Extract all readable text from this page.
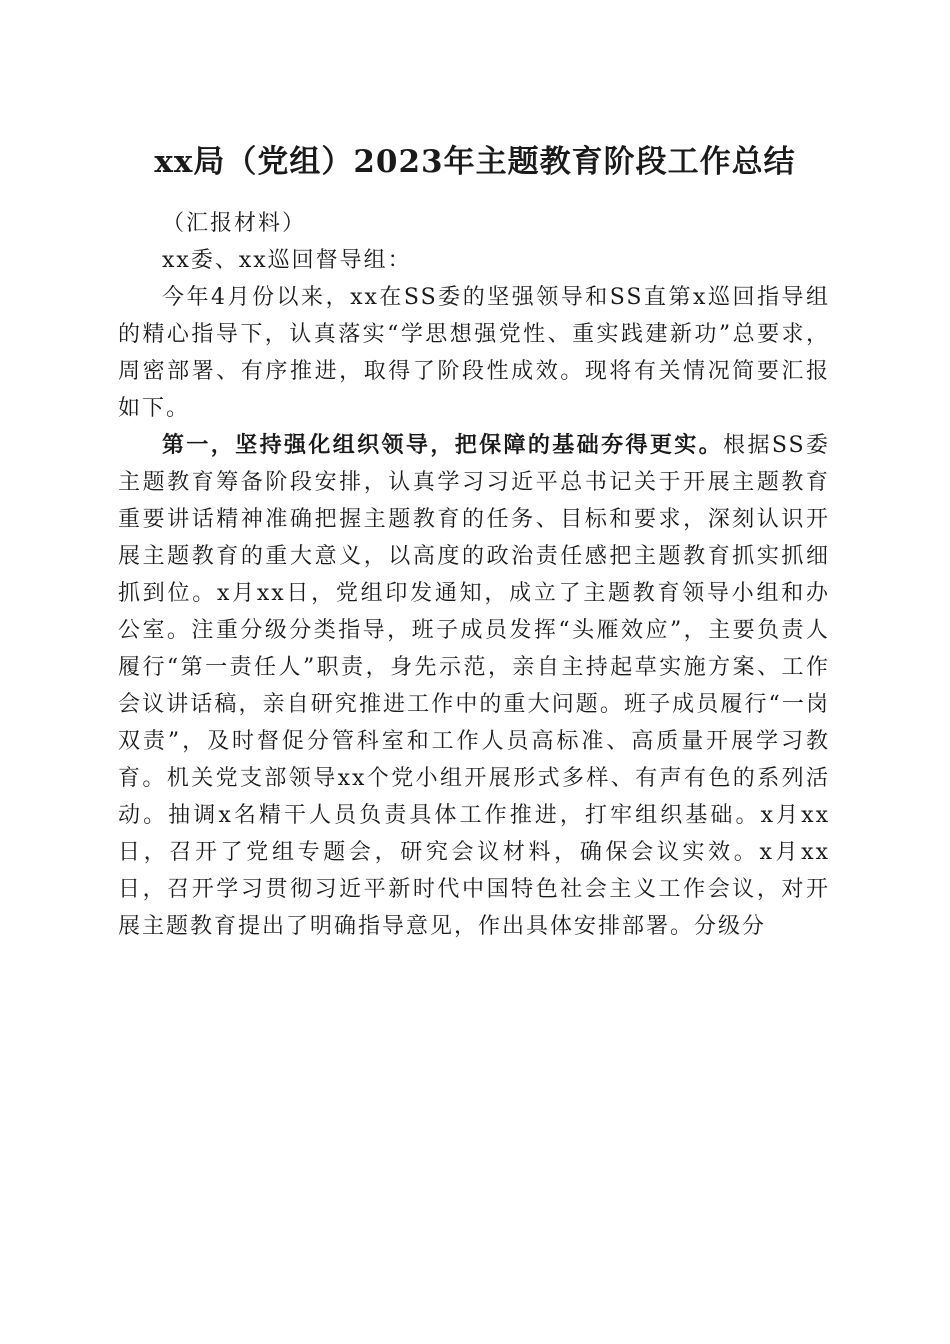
xx局（党组）2023年主题教育阶段工作总结

（汇报材料）

xx委、xx巡回督导组：

今年4月份以来，xx在SS委的坚强领导和SS直第x巡回指导组的精心指导下，认真落实“学思想强党性、重实践建新功”总要求，周密部署、有序推进，取得了阶段性成效。现将有关情况简要汇报如下。

第一，坚持强化组织领导，把保障的基础夯得更实。根据SS委主题教育筹备阶段安排，认真学习习近平总书记关于开展主题教育重要讲话精神准确把握主题教育的任务、目标和要求，深刻认识开展主题教育的重大意义，以高度的政治责任感把主题教育抓实抓细抓到位。x月xx日，党组印发通知，成立了主题教育领导小组和办公室。注重分级分类指导，班子成员发挥“头雁效应”，主要负责人履行“第一责任人”职责，身先示范，亲自主持起草实施方案、工作会议讲话稿，亲自研究推进工作中的重大问题。班子成员履行“一岗双责”，及时督促分管科室和工作人员高标准、高质量开展学习教育。机关党支部领导xx个党小组开展形式多样、有声有色的系列活动。抽调x名精干人员负责具体工作推进，打牢组织基础。x月xx日，召开了党组专题会，研究会议材料，确保会议实效。x月xx日，召开学习贯彻习近平新时代中国特色社会主义工作会议，对开展主题教育提出了明确指导意见，作出具体安排部署。分级分
